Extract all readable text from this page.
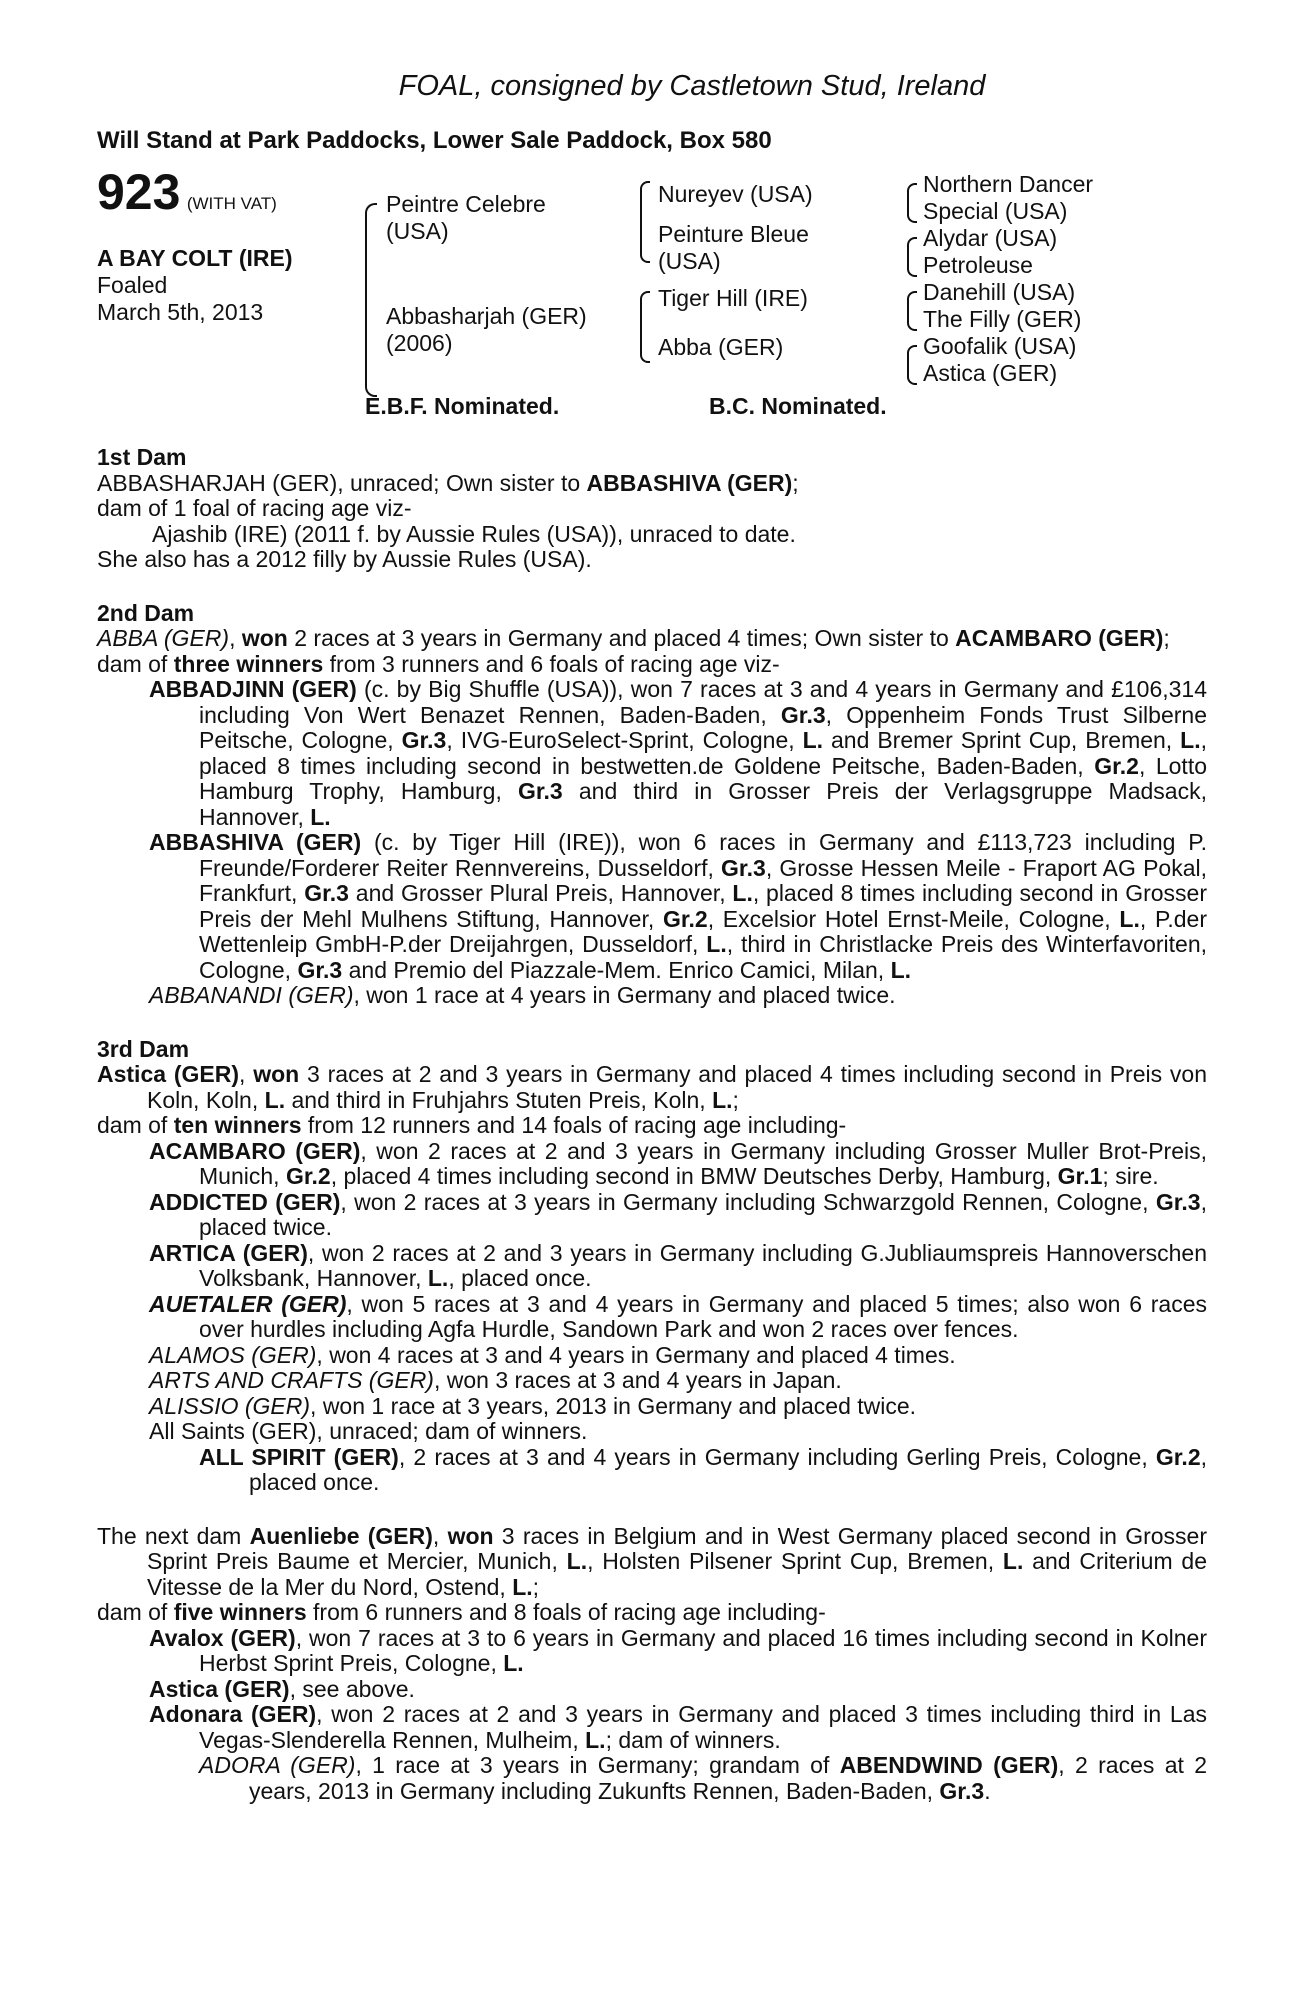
FOAL, consigned by Castletown Stud, Ireland
Will Stand at Park Paddocks, Lower Sale Paddock, Box 580
923 (WITH VAT)
A BAY COLT (IRE)
Foaled
March 5th, 2013
Peintre Celebre
(USA)
Abbasharjah (GER)
(2006)
Nureyev (USA)
Peinture Bleue
(USA)
Tiger Hill (IRE)
Abba (GER)
Northern Dancer
Special (USA)
Alydar (USA)
Petroleuse
Danehill (USA)
The Filly (GER)
Goofalik (USA)
Astica (GER)
E.B.F. Nominated.	B.C. Nominated.
1st Dam
ABBASHARJAH (GER), unraced; Own sister to ABBASHIVA (GER);
dam of 1 foal of racing age viz-
Ajashib (IRE) (2011 f. by Aussie Rules (USA)), unraced to date.
She also has a 2012 filly by Aussie Rules (USA).
2nd Dam
ABBA (GER), won 2 races at 3 years in Germany and placed 4 times; Own sister to ACAMBARO (GER);
dam of three winners from 3 runners and 6 foals of racing age viz-
ABBADJINN (GER) (c. by Big Shuffle (USA)), won 7 races at 3 and 4 years in Germany and £106,314 including Von Wert Benazet Rennen, Baden-Baden, Gr.3, Oppenheim Fonds Trust Silberne Peitsche, Cologne, Gr.3, IVG-EuroSelect-Sprint, Cologne, L. and Bremer Sprint Cup, Bremen, L., placed 8 times including second in bestwetten.de Goldene Peitsche, Baden-Baden, Gr.2, Lotto Hamburg Trophy, Hamburg, Gr.3 and third in Grosser Preis der Verlagsgruppe Madsack, Hannover, L.
ABBASHIVA (GER) (c. by Tiger Hill (IRE)), won 6 races in Germany and £113,723 including P. Freunde/Forderer Reiter Rennvereins, Dusseldorf, Gr.3, Grosse Hessen Meile - Fraport AG Pokal, Frankfurt, Gr.3 and Grosser Plural Preis, Hannover, L., placed 8 times including second in Grosser Preis der Mehl Mulhens Stiftung, Hannover, Gr.2, Excelsior Hotel Ernst-Meile, Cologne, L., P.der Wettenleip GmbH-P.der Dreijahrgen, Dusseldorf, L., third in Christlacke Preis des Winterfavoriten, Cologne, Gr.3 and Premio del Piazzale-Mem. Enrico Camici, Milan, L.
ABBANANDI (GER), won 1 race at 4 years in Germany and placed twice.
3rd Dam
Astica (GER), won 3 races at 2 and 3 years in Germany and placed 4 times including second in Preis von Koln, Koln, L. and third in Fruhjahrs Stuten Preis, Koln, L.;
dam of ten winners from 12 runners and 14 foals of racing age including-
ACAMBARO (GER), won 2 races at 2 and 3 years in Germany including Grosser Muller Brot-Preis, Munich, Gr.2, placed 4 times including second in BMW Deutsches Derby, Hamburg, Gr.1; sire.
ADDICTED (GER), won 2 races at 3 years in Germany including Schwarzgold Rennen, Cologne, Gr.3, placed twice.
ARTICA (GER), won 2 races at 2 and 3 years in Germany including G.Jubliaumspreis Hannoverschen Volksbank, Hannover, L., placed once.
AUETALER (GER), won 5 races at 3 and 4 years in Germany and placed 5 times; also won 6 races over hurdles including Agfa Hurdle, Sandown Park and won 2 races over fences.
ALAMOS (GER), won 4 races at 3 and 4 years in Germany and placed 4 times.
ARTS AND CRAFTS (GER), won 3 races at 3 and 4 years in Japan.
ALISSIO (GER), won 1 race at 3 years, 2013 in Germany and placed twice.
All Saints (GER), unraced; dam of winners.
ALL SPIRIT (GER), 2 races at 3 and 4 years in Germany including Gerling Preis, Cologne, Gr.2, placed once.
The next dam Auenliebe (GER), won 3 races in Belgium and in West Germany placed second in Grosser Sprint Preis Baume et Mercier, Munich, L., Holsten Pilsener Sprint Cup, Bremen, L. and Criterium de Vitesse de la Mer du Nord, Ostend, L.;
dam of five winners from 6 runners and 8 foals of racing age including-
Avalox (GER), won 7 races at 3 to 6 years in Germany and placed 16 times including second in Kolner Herbst Sprint Preis, Cologne, L.
Astica (GER), see above.
Adonara (GER), won 2 races at 2 and 3 years in Germany and placed 3 times including third in Las Vegas-Slenderella Rennen, Mulheim, L.; dam of winners.
ADORA (GER), 1 race at 3 years in Germany; grandam of ABENDWIND (GER), 2 races at 2 years, 2013 in Germany including Zukunfts Rennen, Baden-Baden, Gr.3.
